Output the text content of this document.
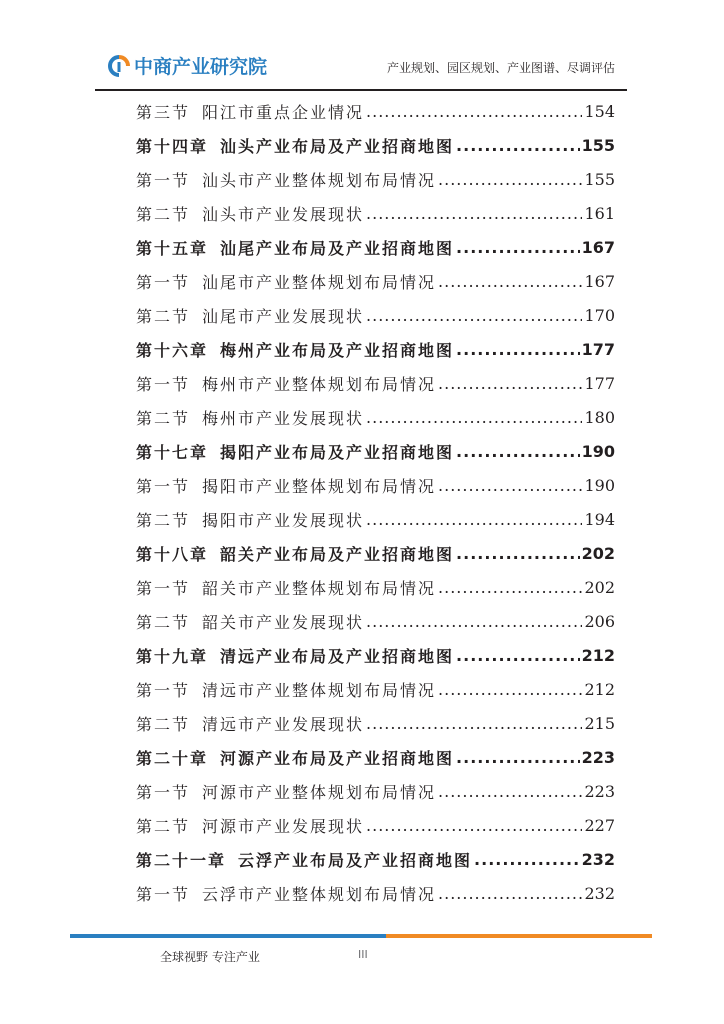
中商产业研究院	产业规划、园区规划、产业图谱、尽调评估
第三节 阳江市重点企业情况 .....	154
第十四章 汕头产业布局及产业招商地图 .....	155
第一节 汕头市产业整体规划布局情况 .....	155
第二节 汕头市产业发展现状 .....	161
第十五章 汕尾产业布局及产业招商地图 .....	167
第一节 汕尾市产业整体规划布局情况 .....	167
第二节 汕尾市产业发展现状 .....	170
第十六章 梅州产业布局及产业招商地图 .....	177
第一节 梅州市产业整体规划布局情况 .....	177
第二节 梅州市产业发展现状 .....	180
第十七章 揭阳产业布局及产业招商地图 .....	190
第一节 揭阳市产业整体规划布局情况 .....	190
第二节 揭阳市产业发展现状 .....	194
第十八章 韶关产业布局及产业招商地图 .....	202
第一节 韶关市产业整体规划布局情况 .....	202
第二节 韶关市产业发展现状 .....	206
第十九章 清远产业布局及产业招商地图 .....	212
第一节 清远市产业整体规划布局情况 .....	212
第二节 清远市产业发展现状 .....	215
第二十章 河源产业布局及产业招商地图 .....	223
第一节 河源市产业整体规划布局情况 .....	223
第二节 河源市产业发展现状 .....	227
第二十一章 云浮产业布局及产业招商地图 .....	232
第一节 云浮市产业整体规划布局情况 .....	232
全球视野 专注产业	III
